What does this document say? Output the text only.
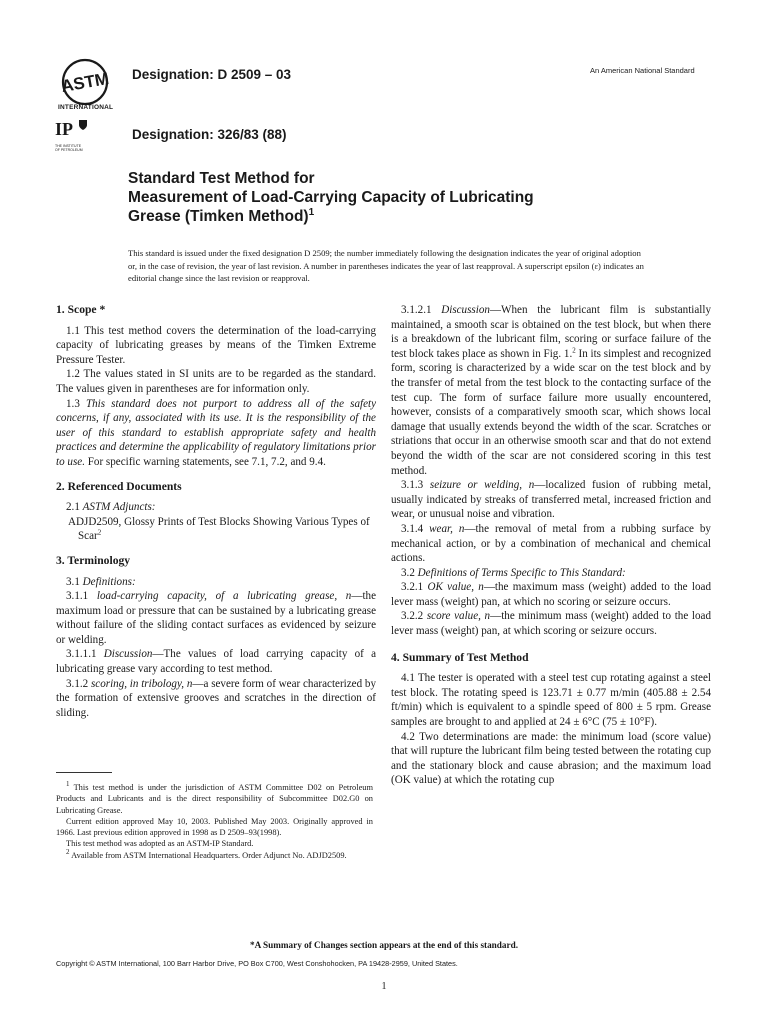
ASTM
INTERNATIONAL
IP
THE INSTITUTE OF PETROLEUM
Designation: D 2509 – 03
Designation: 326/83 (88)
An American National Standard
Standard Test Method for
Measurement of Load-Carrying Capacity of Lubricating
Grease (Timken Method)$^1$
This standard is issued under the fixed designation D 2509; the number immediately following the designation indicates the year of original adoption or, in the case of revision, the year of last revision. A number in parentheses indicates the year of last reapproval. A superscript epsilon (ε) indicates an editorial change since the last revision or reapproval.

1. Scope *

1.1 This test method covers the determination of the load-carrying capacity of lubricating greases by means of the Timken Extreme Pressure Tester.

1.2 The values stated in SI units are to be regarded as the standard. The values given in parentheses are for information only.

1.3 This standard does not purport to address all of the safety concerns, if any, associated with its use. It is the responsibility of the user of this standard to establish appropriate safety and health practices and determine the applicability of regulatory limitations prior to use. For specific warning statements, see 7.1, 7.2, and 9.4.

2. Referenced Documents

2.1 ASTM Adjuncts:

ADJD2509, Glossy Prints of Test Blocks Showing Various Types of Scar$^2$

3. Terminology

3.1 Definitions:

3.1.1 load-carrying capacity, of a lubricating grease, n—the maximum load or pressure that can be sustained by a lubricating grease without failure of the sliding contact surfaces as evidenced by seizure or welding.

3.1.1.1 Discussion—The values of load carrying capacity of a lubricating grease vary according to test method.

3.1.2 scoring, in tribology, n—a severe form of wear characterized by the formation of extensive grooves and scratches in the direction of sliding.

$^1$ This test method is under the jurisdiction of ASTM Committee D02 on Petroleum Products and Lubricants and is the direct responsibility of Subcommittee D02.G0 on Lubricating Grease.

Current edition approved May 10, 2003. Published May 2003. Originally approved in 1966. Last previous edition approved in 1998 as D 2509–93(1998).

This test method was adopted as an ASTM-IP Standard.

$^2$ Available from ASTM International Headquarters. Order Adjunct No. ADJD2509.

3.1.2.1 Discussion—When the lubricant film is substantially maintained, a smooth scar is obtained on the test block, but when there is a breakdown of the lubricant film, scoring or surface failure of the test block takes place as shown in Fig. 1.$^2$ In its simplest and recognized form, scoring is characterized by a wide scar on the test block and by the transfer of metal from the test block to the contacting surface of the test cup. The form of surface failure more usually encountered, however, consists of a comparatively smooth scar, which shows local damage that usually extends beyond the width of the scar. Scratches or striations that occur in an otherwise smooth scar and that do not extend beyond the width of the scar are not considered scoring in this test method.

3.1.3 seizure or welding, n—localized fusion of rubbing metal, usually indicated by streaks of transferred metal, increased friction and wear, or unusual noise and vibration.

3.1.4 wear, n—the removal of metal from a rubbing surface by mechanical action, or by a combination of mechanical and chemical actions.

3.2 Definitions of Terms Specific to This Standard:

3.2.1 OK value, n—the maximum mass (weight) added to the load lever mass (weight) pan, at which no scoring or seizure occurs.

3.2.2 score value, n—the minimum mass (weight) added to the load lever mass (weight) pan, at which scoring or seizure occurs.

4. Summary of Test Method

4.1 The tester is operated with a steel test cup rotating against a steel test block. The rotating speed is 123.71 ± 0.77 m/min (405.88 ± 2.54 ft/min) which is equivalent to a spindle speed of 800 ± 5 rpm. Grease samples are brought to and applied at 24 ± 6°C (75 ± 10°F).

4.2 Two determinations are made: the minimum load (score value) that will rupture the lubricant film being tested between the rotating cup and the stationary block and cause abrasion; and the maximum load (OK value) at which the rotating cup

*A Summary of Changes section appears at the end of this standard.
Copyright © ASTM International, 100 Barr Harbor Drive, PO Box C700, West Conshohocken, PA 19428-2959, United States.
1
